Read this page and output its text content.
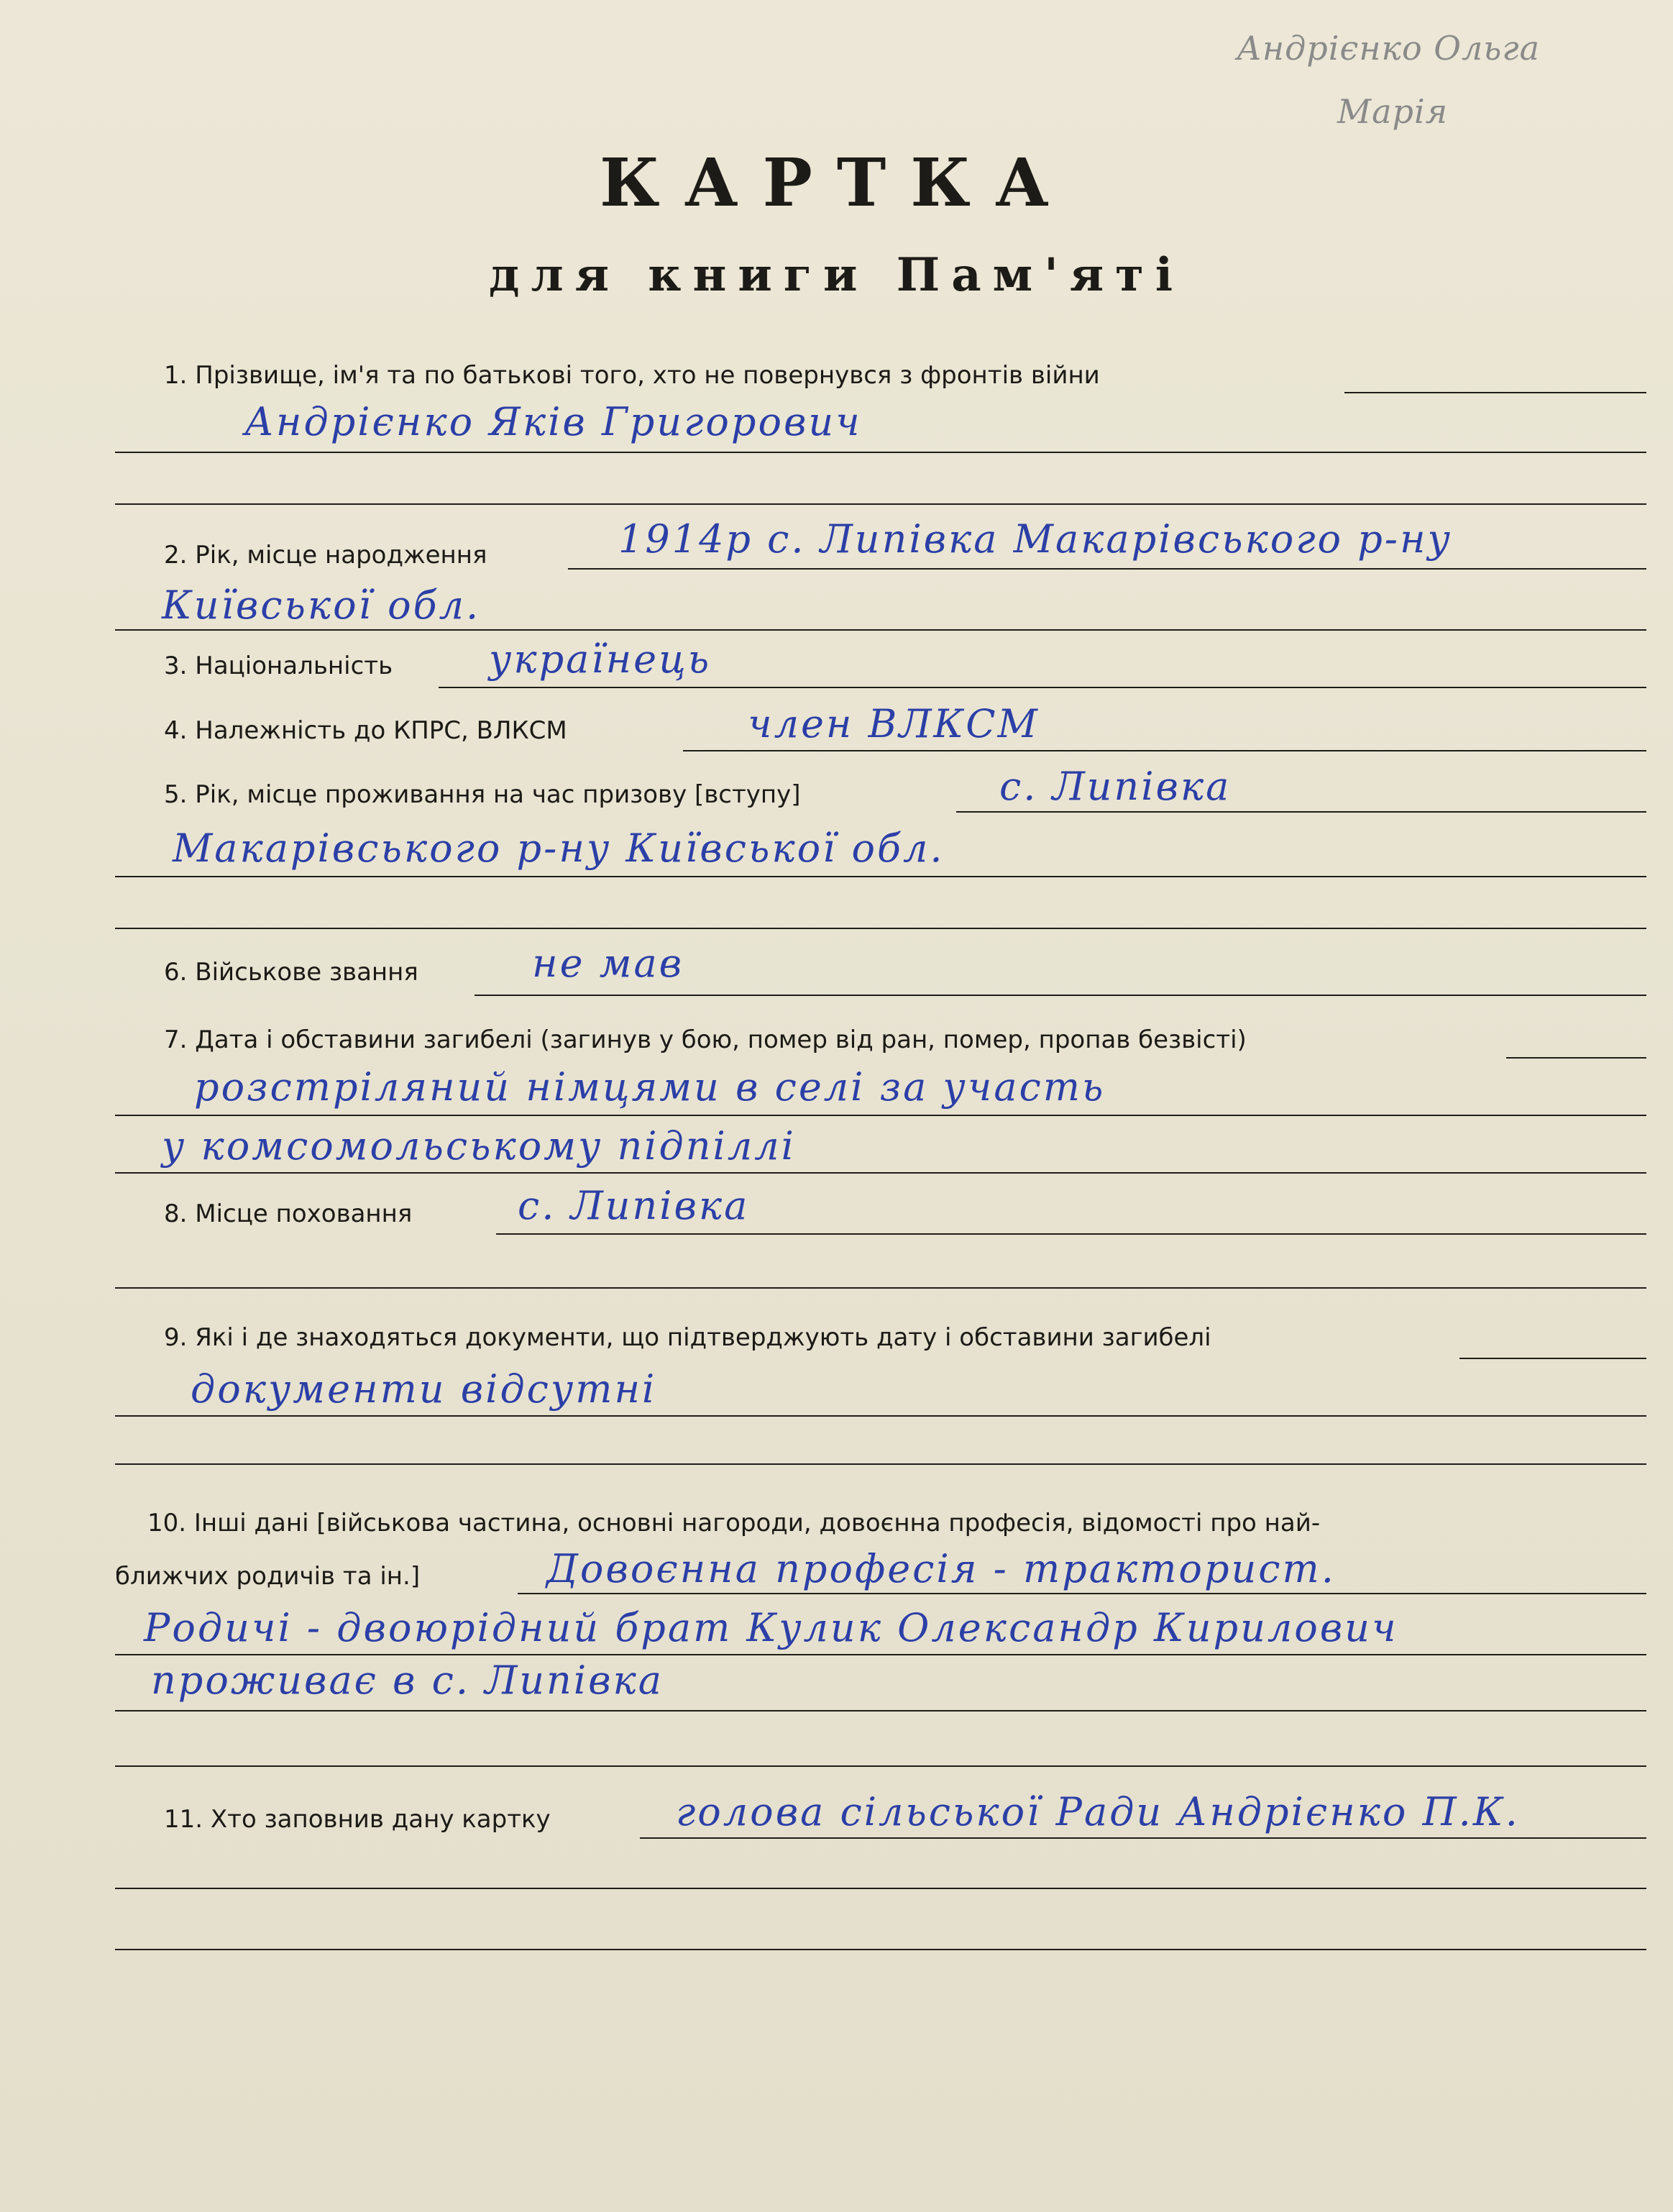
Андрієнко Ольга
Марія
КАРТКА
для книги Пам'яті
1. Прізвище, ім'я та по батькові того, хто не повернувся з фронтів війни
Андрієнко Яків Григорович
2. Рік, місце народження	1914р с. Липівка Макарівського р-ну
Київської обл.
3. Національність українець
4. Належність до КПРС, ВЛКСМ	член ВЛКСМ
5. Рік, місце проживання на час призову [вступу]	с. Липівка
Макарівського р-ну Київської обл.
6. Військове звання	не мав
7. Дата і обставини загибелі (загинув у бою, помер від ран, помер, пропав безвісті)
розстріляний німцями в селі за участь
у комсомольському підпіллі
8. Місце поховання	с. Липівка
9. Які і де знаходяться документи, що підтверджують дату і обставини загибелі
документи відсутні
10. Інші дані [військова частина, основні нагороди, довоєнна професія, відомості про най-
ближчих родичів та ін.]	Довоєнна професія - тракторист.
Родичі - двоюрідний брат Кулик Олександр Кирилович
проживає в с. Липівка
11. Хто заповнив дану картку	голова сільської Ради Андрієнко П.К.
